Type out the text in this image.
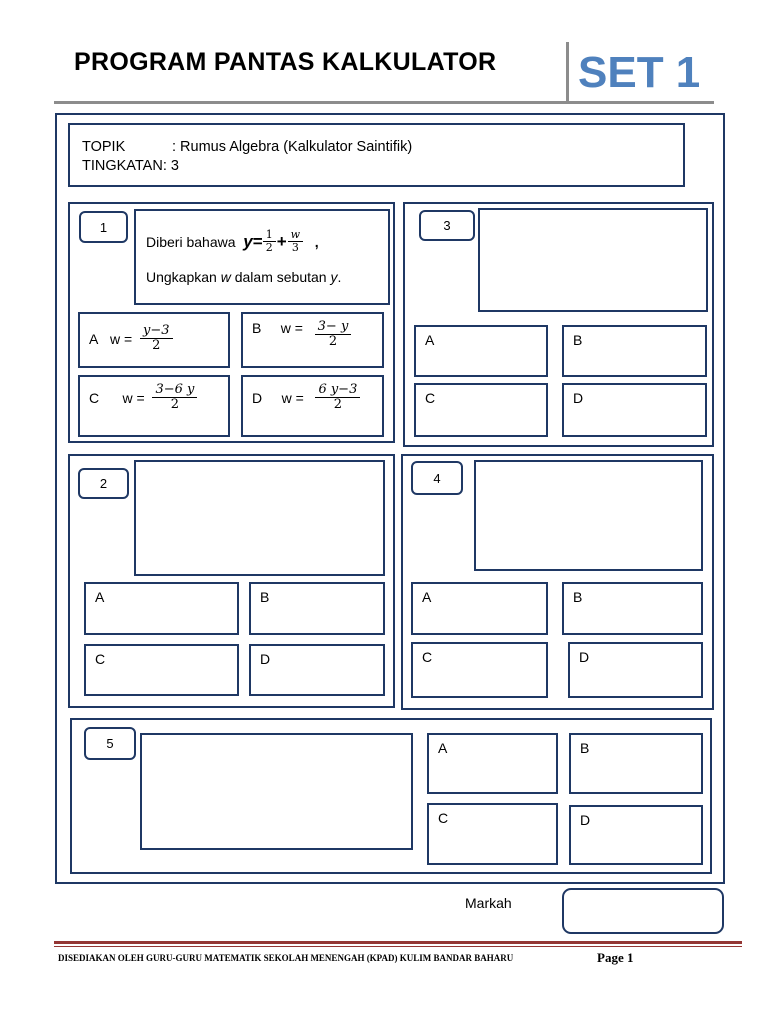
PROGRAM PANTAS KALKULATOR SET 1
TOPIK	: Rumus Algebra (Kalkulator Saintifik)
TINGKATAN: 3
1
Diberi bahawa
$y = \frac{1}{2} + \frac{w}{3}$
,
Ungkapkan w dalam sebutan y.
A
w =
$\frac{y-3}{2}$	B
w =
$\frac{3- y}{2}$
C
w =
$\frac{3-6 y}{2}$	D
w =
$\frac{6 y-3}{2}$
3
A	B
C	D
2
A	B
C	D
4
A	B
C	D
5	A	B
C	D
Markah
DISEDIAKAN OLEH GURU-GURU MATEMATIK SEKOLAH MENENGAH (KPAD) KULIM BANDAR BAHARU	Page 1
